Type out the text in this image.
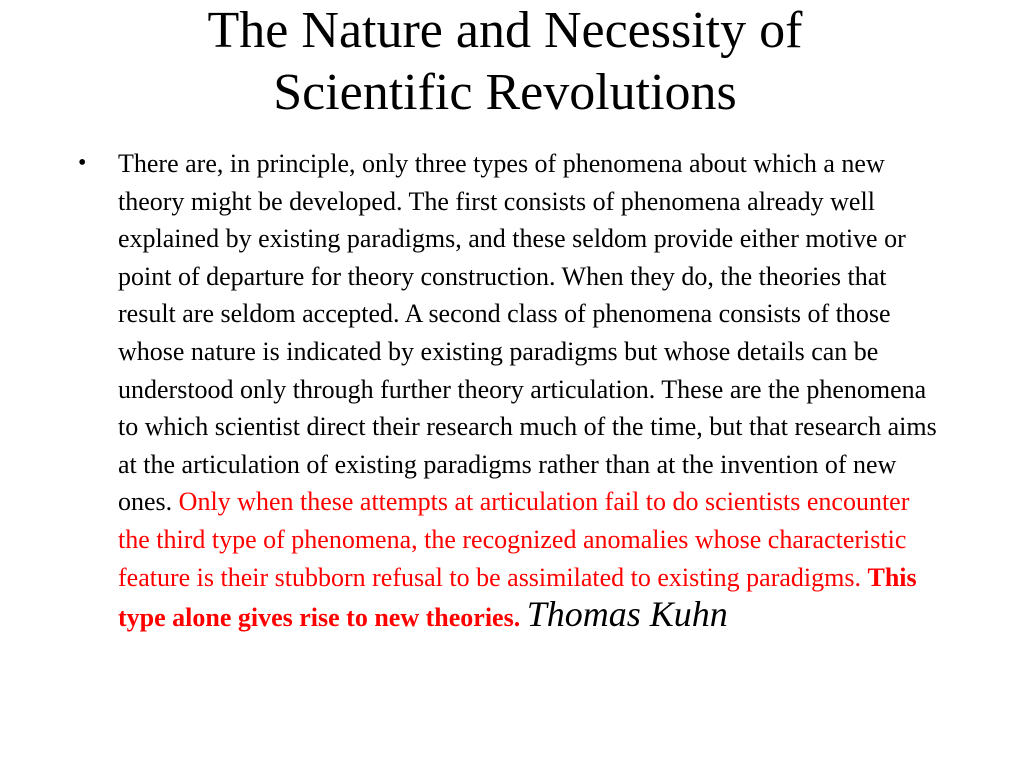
The Nature and Necessity of
Scientific Revolutions
• There are, in principle, only three types of phenomena about which a new theory might be developed. The first consists of phenomena already well explained by existing paradigms, and these seldom provide either motive or point of departure for theory construction. When they do, the theories that result are seldom accepted. A second class of phenomena consists of those whose nature is indicated by existing paradigms but whose details can be understood only through further theory articulation. These are the phenomena to which scientist direct their research much of the time, but that research aims at the articulation of existing paradigms rather than at the invention of new ones. Only when these attempts at articulation fail to do scientists encounter the third type of phenomena, the recognized anomalies whose characteristic feature is their stubborn refusal to be assimilated to existing paradigms. This type alone gives rise to new theories. Thomas Kuhn
